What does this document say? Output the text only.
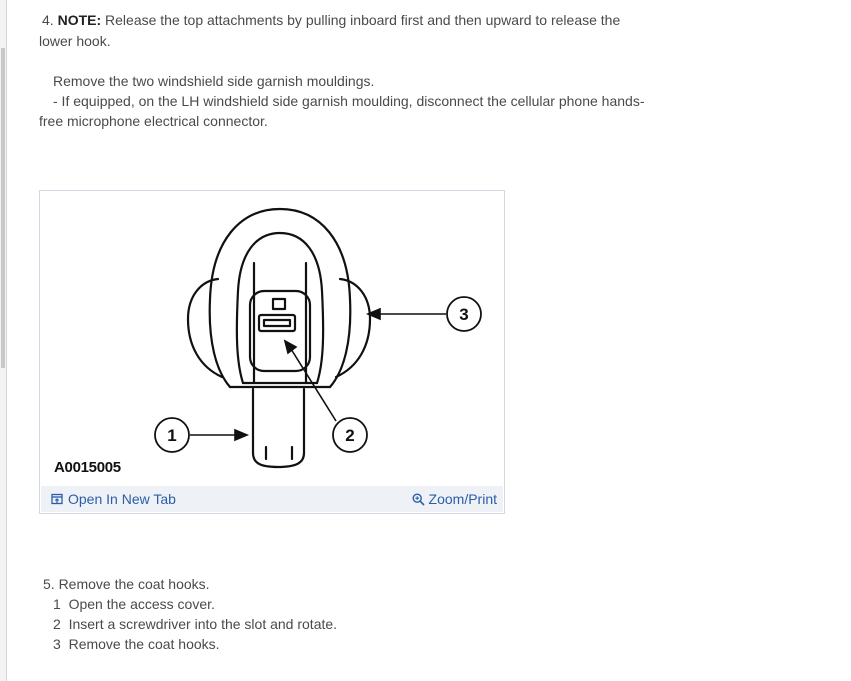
4. NOTE: Release the top attachments by pulling inboard first and then upward to release the
lower hook.
Remove the two windshield side garnish mouldings.
- If equipped, on the LH windshield side garnish moulding, disconnect the cellular phone hands-
free microphone electrical connector.
1	2
3
A0015005
Open In New Tab	Zoom/Print
5. Remove the coat hooks.
1 Open the access cover.
2 Insert a screwdriver into the slot and rotate.
3 Remove the coat hooks.
